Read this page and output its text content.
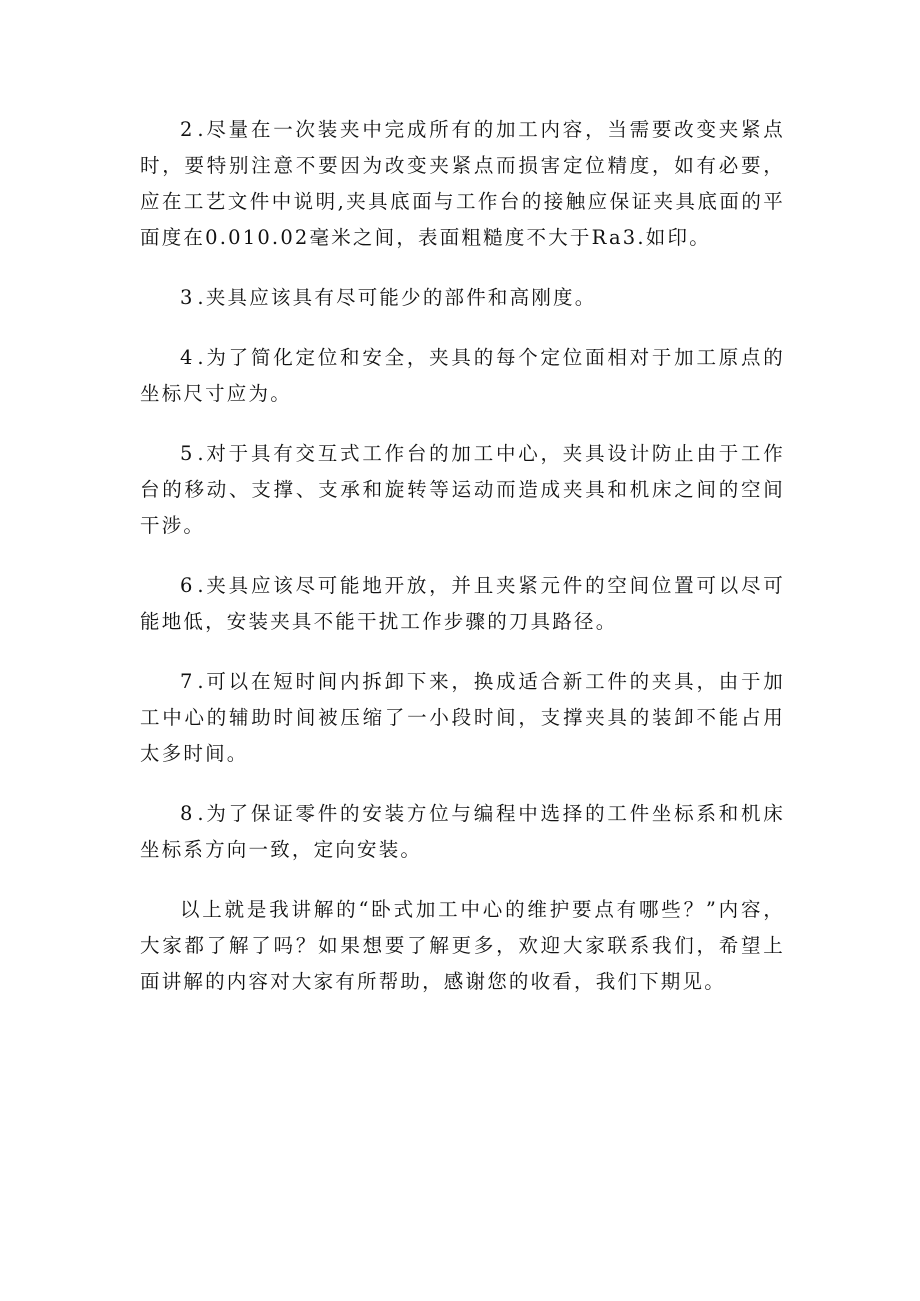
2.尽量在一次装夹中完成所有的加工内容，当需要改变夹紧点时，要特别注意不要因为改变夹紧点而损害定位精度，如有必要，应在工艺文件中说明,夹具底面与工作台的接触应保证夹具底面的平面度在0.010.02毫米之间，表面粗糙度不大于Ra3.如印。

3.夹具应该具有尽可能少的部件和高刚度。

4.为了简化定位和安全，夹具的每个定位面相对于加工原点的坐标尺寸应为。

5.对于具有交互式工作台的加工中心，夹具设计防止由于工作台的移动、支撑、支承和旋转等运动而造成夹具和机床之间的空间干涉。

6.夹具应该尽可能地开放，并且夹紧元件的空间位置可以尽可能地低，安装夹具不能干扰工作步骤的刀具路径。

7.可以在短时间内拆卸下来，换成适合新工件的夹具，由于加工中心的辅助时间被压缩了一小段时间，支撑夹具的装卸不能占用太多时间。

8.为了保证零件的安装方位与编程中选择的工件坐标系和机床坐标系方向一致，定向安装。

以上就是我讲解的“卧式加工中心的维护要点有哪些？”内容，大家都了解了吗？如果想要了解更多，欢迎大家联系我们，希望上面讲解的内容对大家有所帮助，感谢您的收看，我们下期见。
